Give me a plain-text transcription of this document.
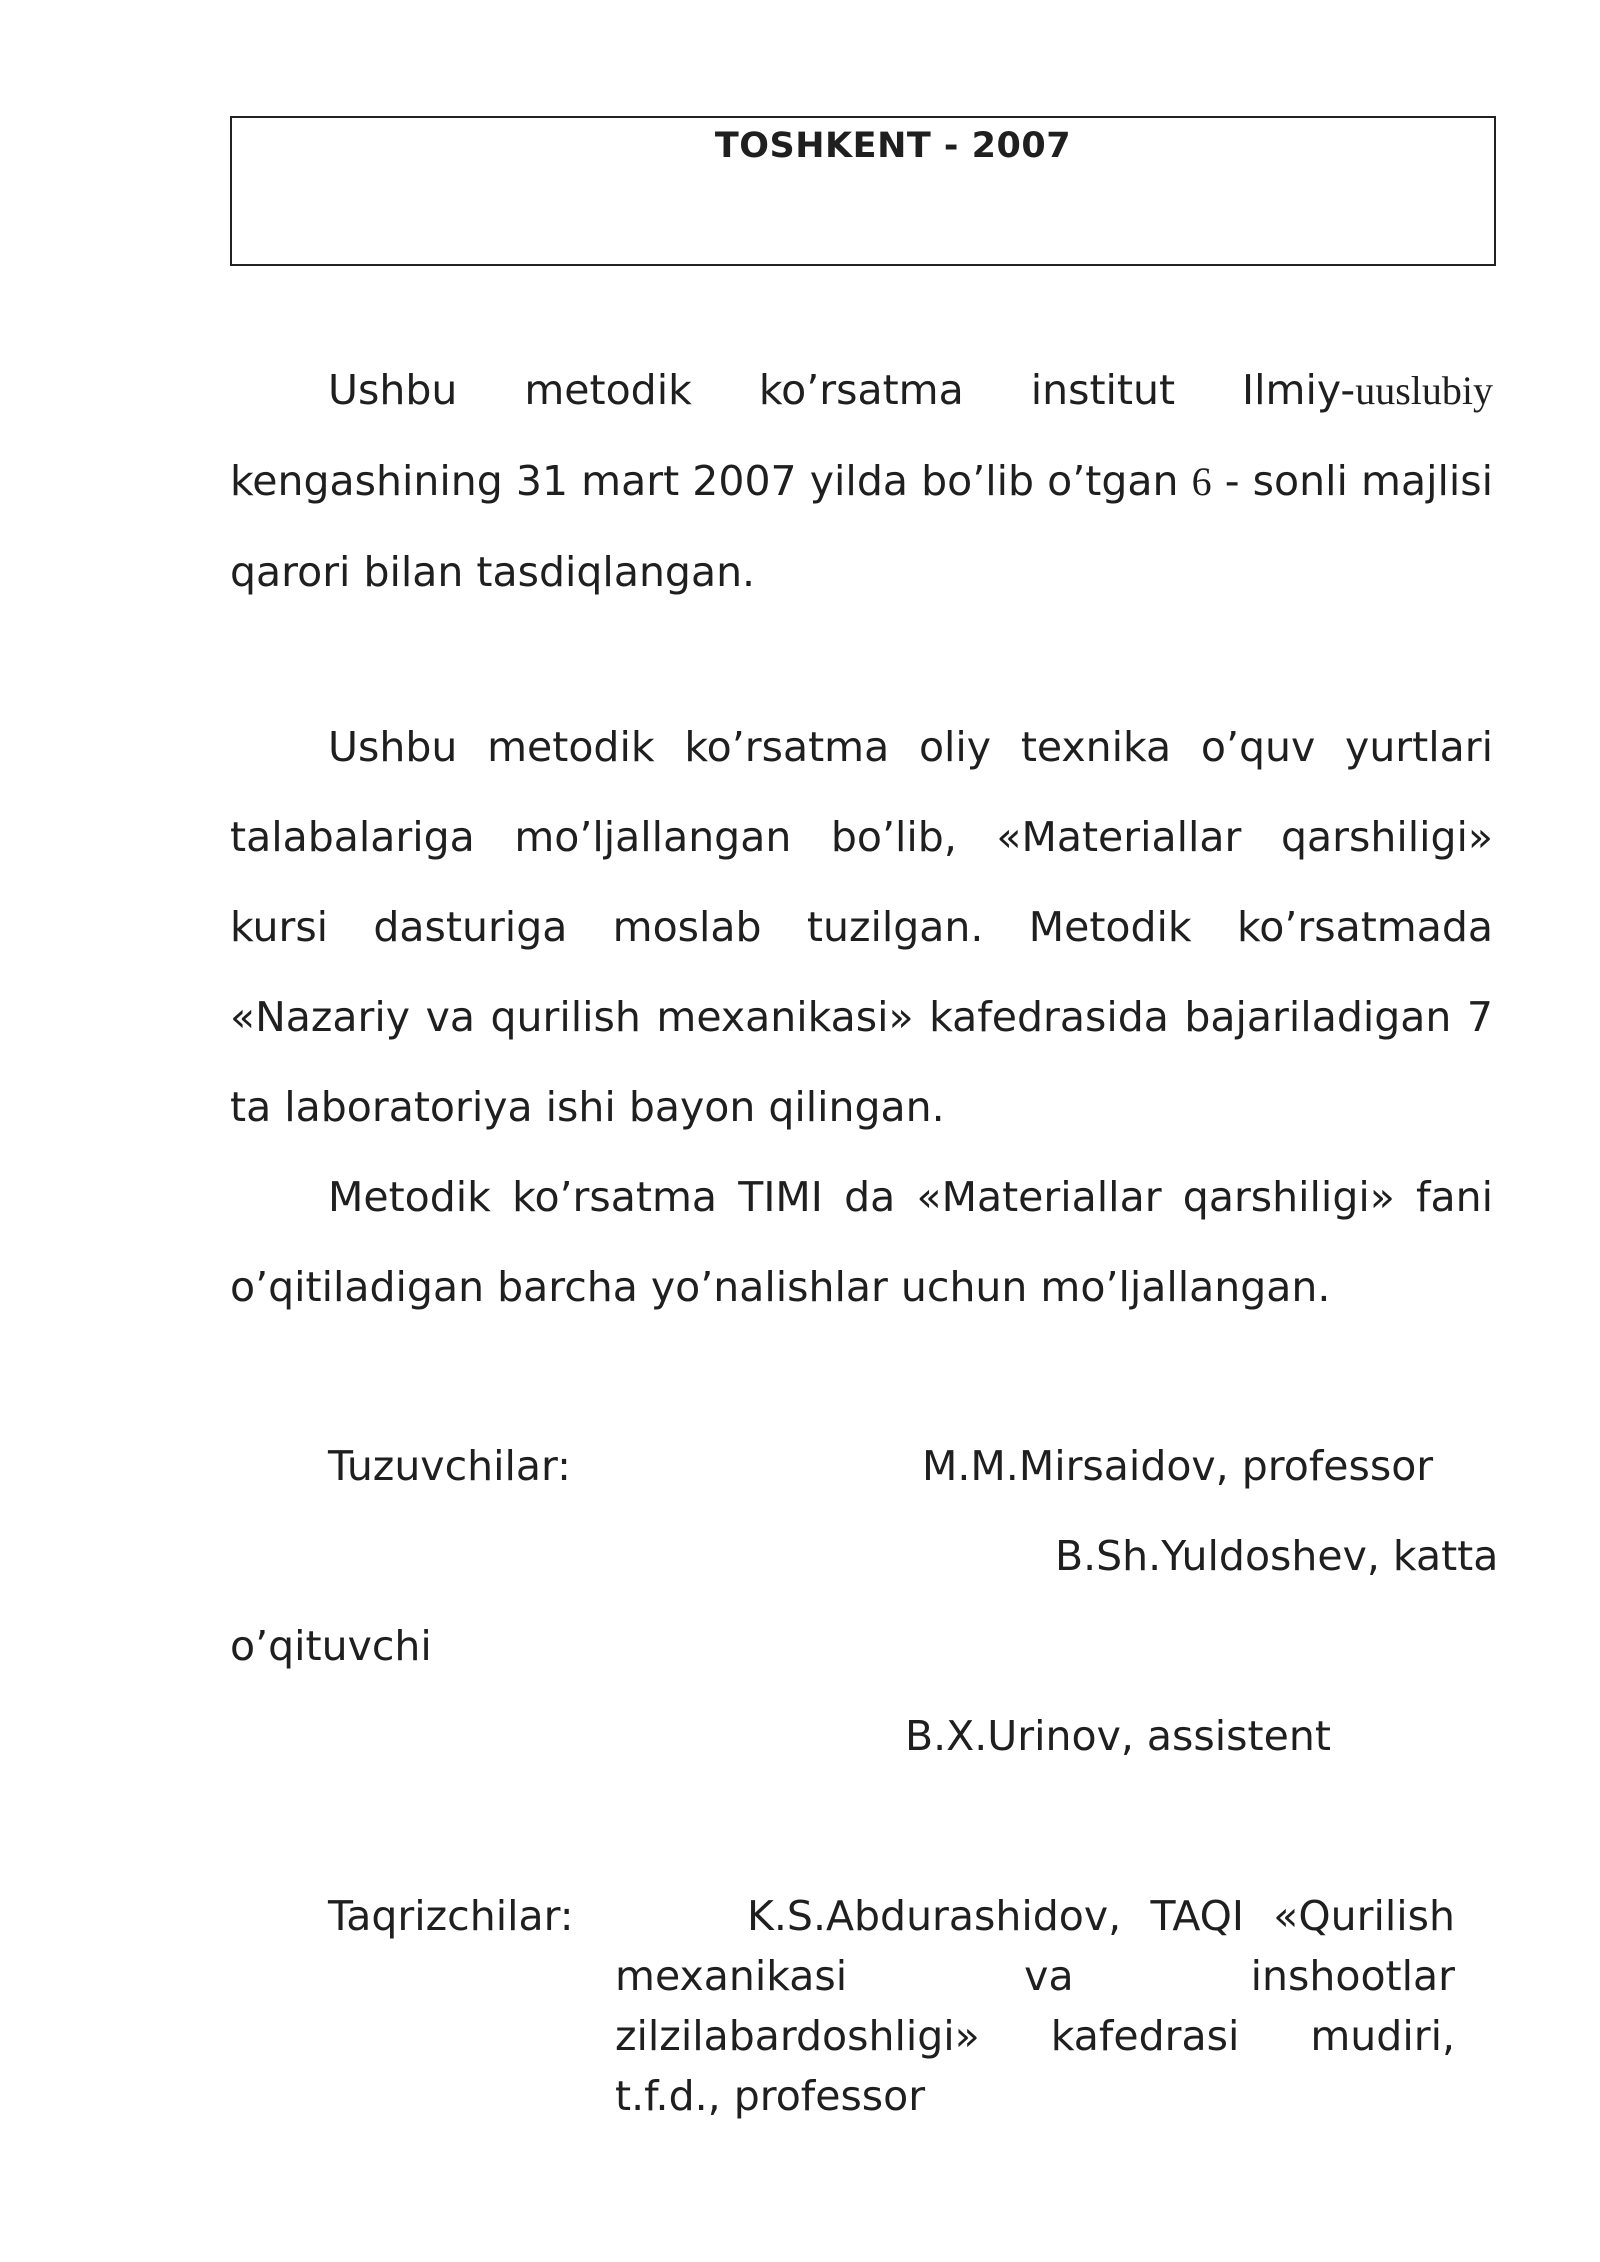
TOSHKENT - 2007

Ushbu metodik ko’rsatma institut Ilmiy-uuslubiy kengashining 31 mart 2007 yilda bo’lib o’tgan 6 - sonli majlisi qarori bilan tasdiqlangan.

Ushbu metodik ko’rsatma oliy texnika o’quv yurtlari talabalariga mo’ljallangan bo’lib, «Materiallar qarshiligi» kursi dasturiga moslab tuzilgan. Metodik ko’rsatmada «Nazariy va qurilish mexanikasi» kafedrasida bajariladigan 7 ta laboratoriya ishi bayon qilingan.

Metodik ko’rsatma TIMI da «Materiallar qarshiligi» fani o’qitiladigan barcha yo’nalishlar uchun mo’ljallangan.

Tuzuvchilar:	M.M.Mirsaidov, professor
B.Sh.Yuldoshev, katta
o’qituvchi
B.X.Urinov, assistent
Taqrizchilar:	K.S.Abdurashidov, TAQI «Qurilish mexanikasi va inshootlar zilzilabardoshligi» kafedrasi mudiri, t.f.d., professor
